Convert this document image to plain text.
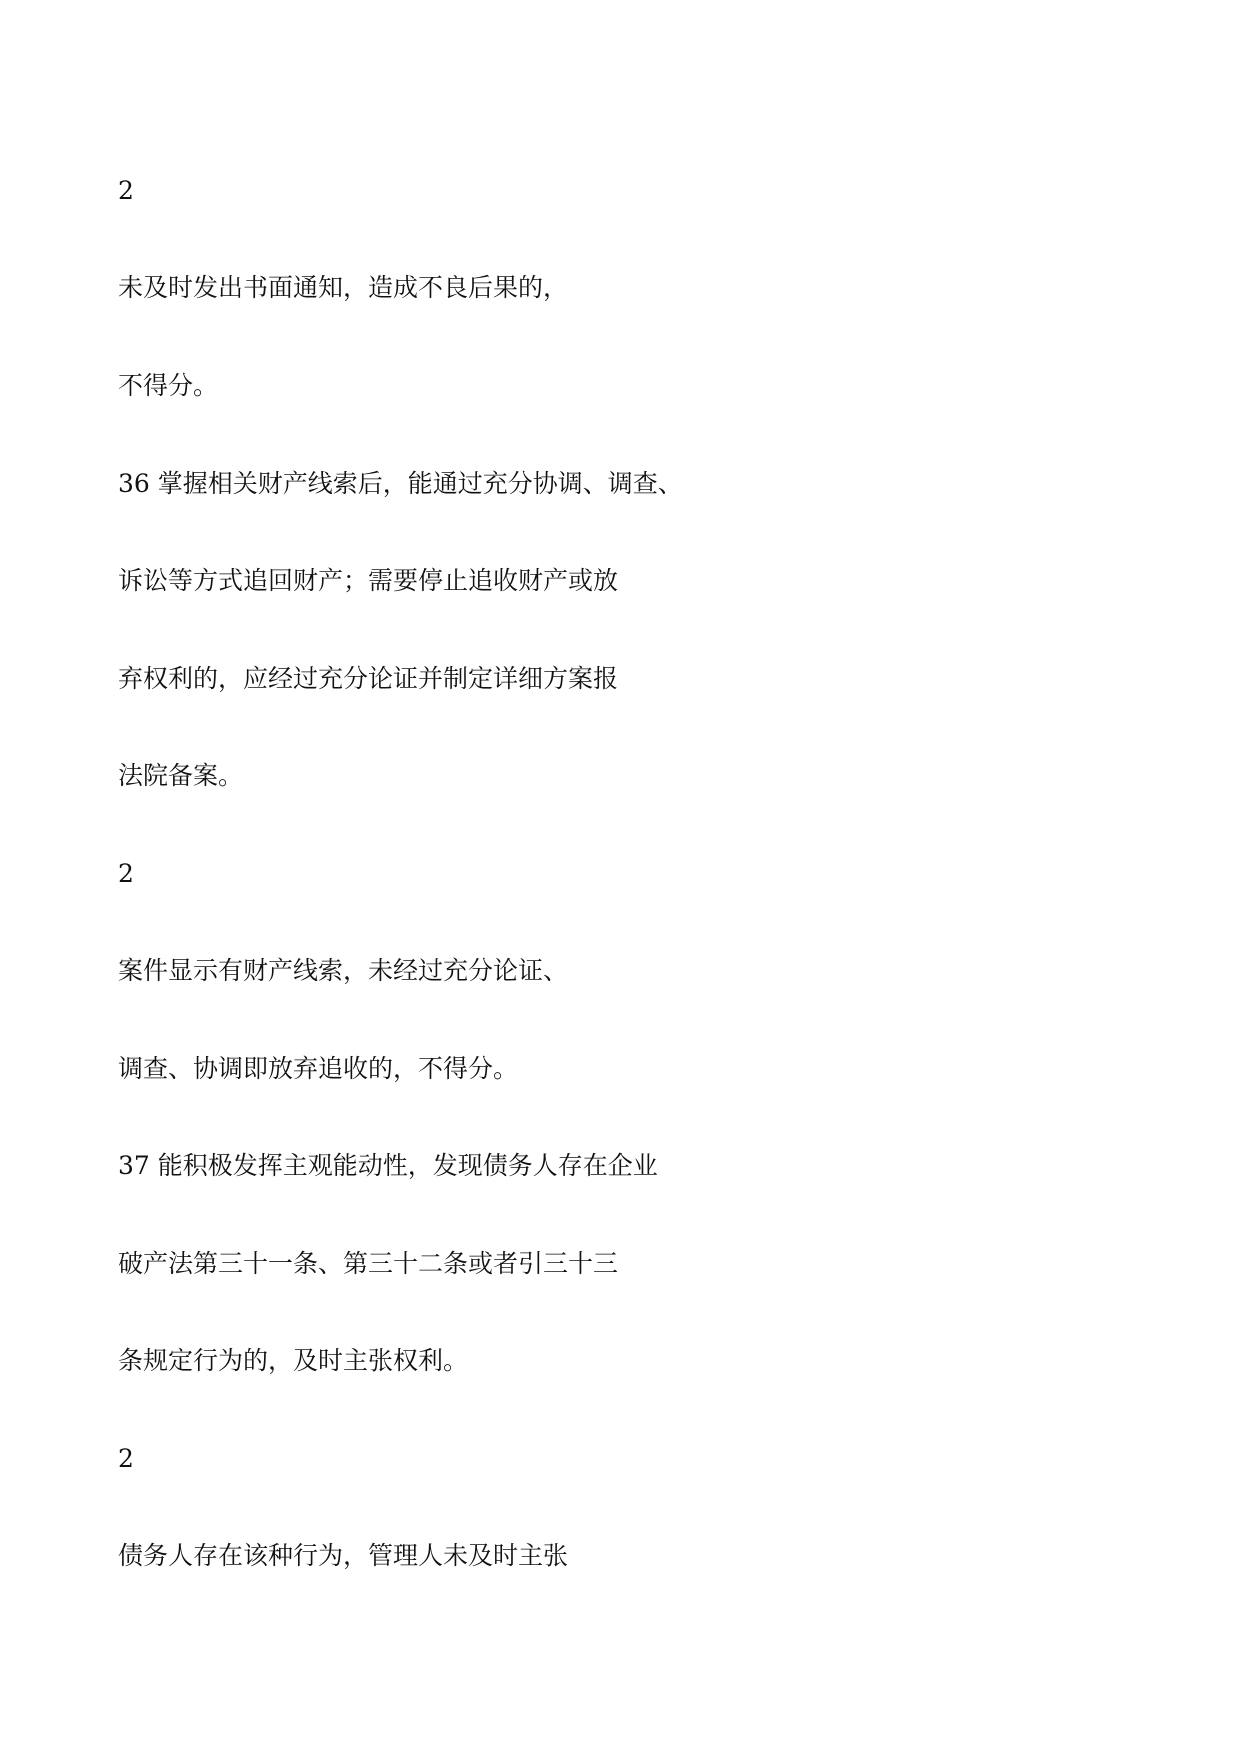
2

未及时发出书面通知，造成不良后果的，

不得分。

36 掌握相关财产线索后，能通过充分协调、调查、

诉讼等方式追回财产；需要停止追收财产或放

弃权利的，应经过充分论证并制定详细方案报

法院备案。

2

案件显示有财产线索，未经过充分论证、

调查、协调即放弃追收的，不得分。

37 能积极发挥主观能动性，发现债务人存在企业

破产法第三十一条、第三十二条或者引三十三

条规定行为的，及时主张权利。

2

债务人存在该种行为，管理人未及时主张
